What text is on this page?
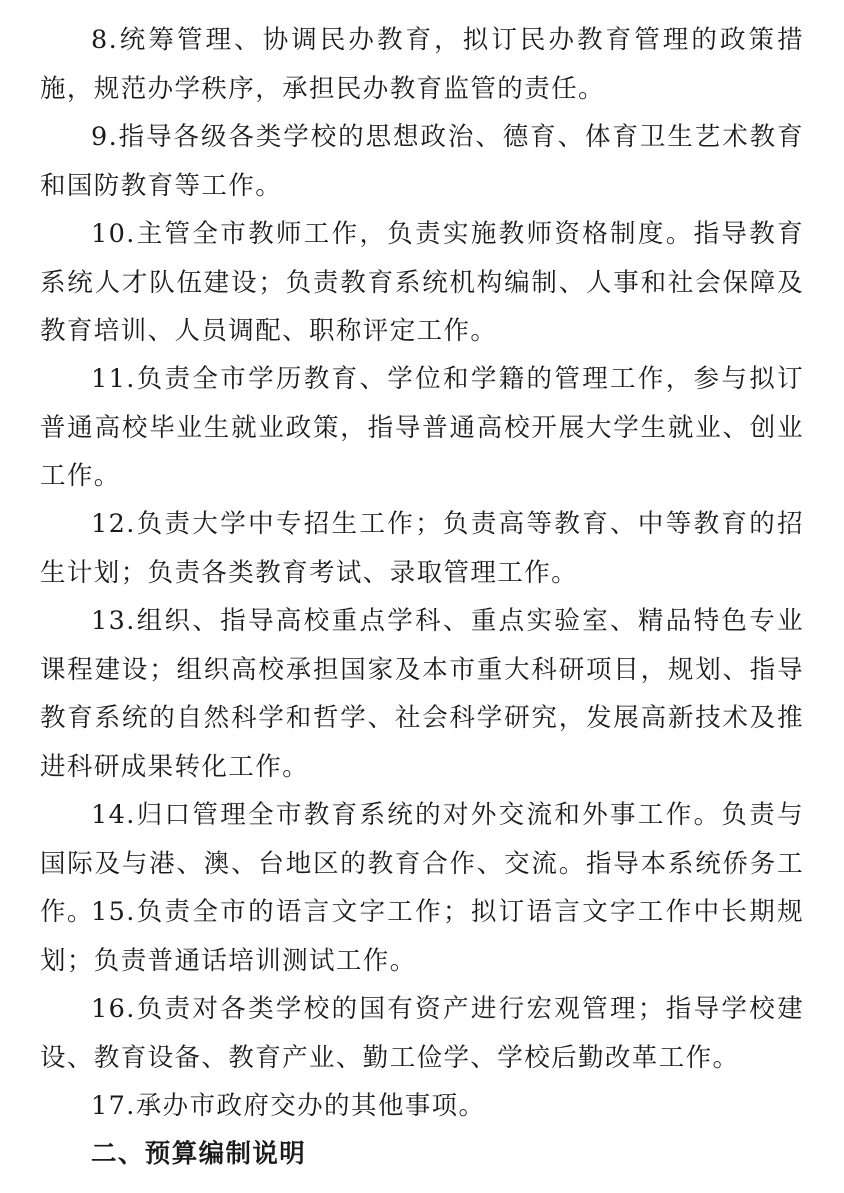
8.统筹管理、协调民办教育，拟订民办教育管理的政策措施，规范办学秩序，承担民办教育监管的责任。

9.指导各级各类学校的思想政治、德育、体育卫生艺术教育和国防教育等工作。

10.主管全市教师工作，负责实施教师资格制度。指导教育系统人才队伍建设；负责教育系统机构编制、人事和社会保障及教育培训、人员调配、职称评定工作。

11.负责全市学历教育、学位和学籍的管理工作，参与拟订普通高校毕业生就业政策，指导普通高校开展大学生就业、创业工作。

12.负责大学中专招生工作；负责高等教育、中等教育的招生计划；负责各类教育考试、录取管理工作。

13.组织、指导高校重点学科、重点实验室、精品特色专业课程建设；组织高校承担国家及本市重大科研项目，规划、指导教育系统的自然科学和哲学、社会科学研究，发展高新技术及推进科研成果转化工作。

14.归口管理全市教育系统的对外交流和外事工作。负责与国际及与港、澳、台地区的教育合作、交流。指导本系统侨务工作。

15.负责全市的语言文字工作；拟订语言文字工作中长期规划；负责普通话培训测试工作。

16.负责对各类学校的国有资产进行宏观管理；指导学校建设、教育设备、教育产业、勤工俭学、学校后勤改革工作。

17.承办市政府交办的其他事项。

二、预算编制说明
